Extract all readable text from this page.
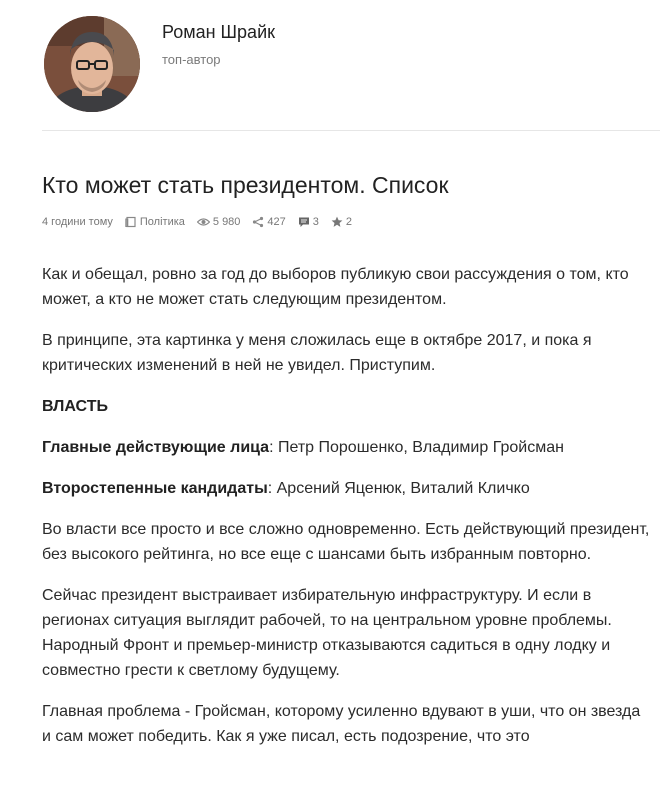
Роман Шрайк
топ-автор
Кто может стать президентом. Список
4 години тому Політика	5 980 427 3 2

Как и обещал, ровно за год до выборов публикую свои рассуждения о том, кто может, а кто не может стать следующим президентом.

В принципе, эта картинка у меня сложилась еще в октябре 2017, и пока я критических изменений в ней не увидел. Приступим.

ВЛАСТЬ

Главные действующие лица: Петр Порошенко, Владимир Гройсман

Второстепенные кандидаты: Арсений Яценюк, Виталий Кличко

Во власти все просто и все сложно одновременно. Есть действующий президент, без высокого рейтинга, но все еще с шансами быть избранным повторно.

Сейчас президент выстраивает избирательную инфраструктуру. И если в регионах ситуация выглядит рабочей, то на центральном уровне проблемы. Народный Фронт и премьер-министр отказываются садиться в одну лодку и совместно грести к светлому будущему.

Главная проблема - Гройсман, которому усиленно вдувают в уши, что он звезда и сам может победить. Как я уже писал, есть подозрение, что это
